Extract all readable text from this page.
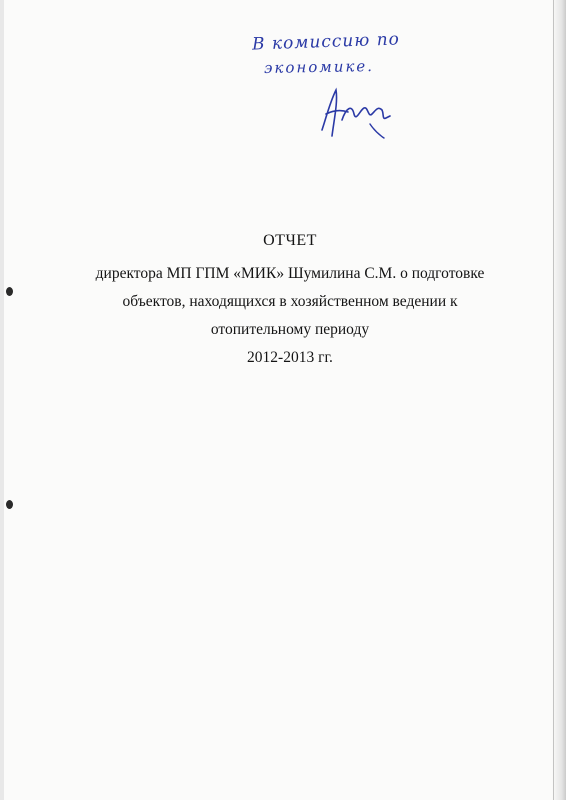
В комиссию по
экономике.

ОТЧЕТ

директора МП ГПМ «МИК» Шумилина С.М. о подготовке

объектов, находящихся в хозяйственном ведении к

отопительному периоду

2012-2013 гг.
